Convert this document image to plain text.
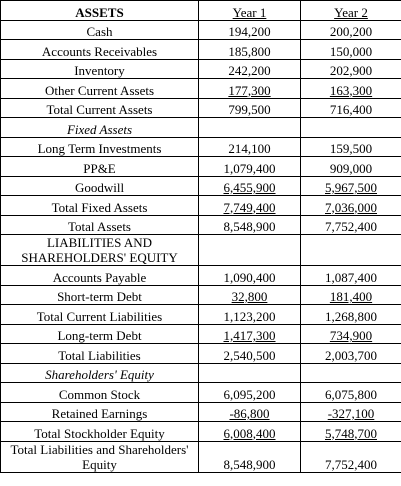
ASSETS	Year 1	Year 2
Cash	194,200	200,200
Accounts Receivables	185,800	150,000
Inventory	242,200	202,900
Other Current Assets	177,300	163,300
Total Current Assets	799,500	716,400
Fixed Assets		
Long Term Investments	214,100	159,500
PP&E	1,079,400	909,000
Goodwill	6,455,900	5,967,500
Total Fixed Assets	7,749,400	7,036,000
Total Assets	8,548,900	7,752,400
LIABILITIES AND SHAREHOLDERS' EQUITY		
Accounts Payable	1,090,400	1,087,400
Short-term Debt	32,800	181,400
Total Current Liabilities	1,123,200	1,268,800
Long-term Debt	1,417,300	734,900
Total Liabilities	2,540,500	2,003,700
Shareholders' Equity		
Common Stock	6,095,200	6,075,800
Retained Earnings	-86,800	-327,100
Total Stockholder Equity	6,008,400	5,748,700
Total Liabilities and Shareholders' Equity	8,548,900	7,752,400
